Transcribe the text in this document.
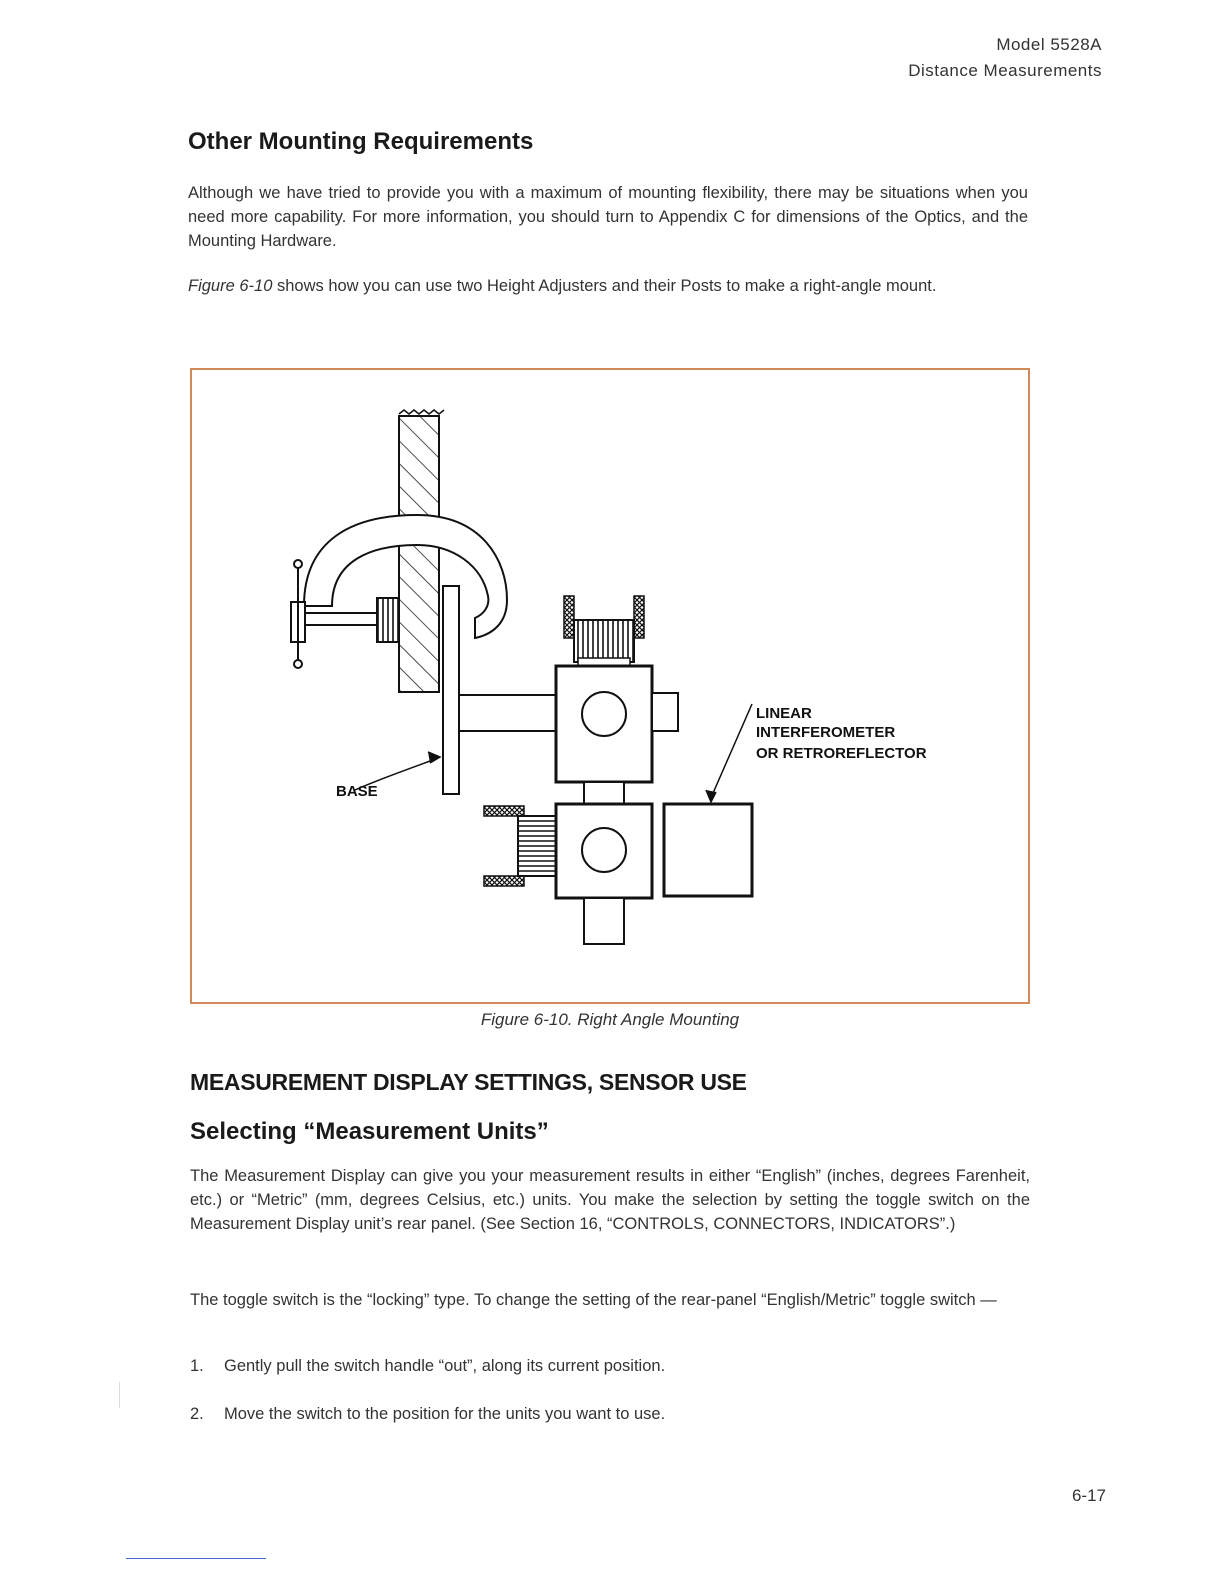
Model 5528A
Distance Measurements
Other Mounting Requirements

Although we have tried to provide you with a maximum of mounting flexibility, there may be situations when you need more capability. For more information, you should turn to Appendix C for dimensions of the Optics, and the Mounting Hardware.

Figure 6-10 shows how you can use two Height Adjusters and their Posts to make a right-angle mount.

LINEAR
INTERFEROMETER
OR RETROREFLECTOR
BASE
Figure 6-10. Right Angle Mounting
MEASUREMENT DISPLAY SETTINGS, SENSOR USE
Selecting “Measurement Units”

The Measurement Display can give you your measurement results in either “English” (inches, degrees Farenheit, etc.) or “Metric” (mm, degrees Celsius, etc.) units. You make the selection by setting the toggle switch on the Measurement Display unit’s rear panel. (See Section 16, “CONTROLS, CONNECTORS, INDICATORS”.)

The toggle switch is the “locking” type. To change the setting of the rear-panel “English/Metric” toggle switch —

1. Gently pull the switch handle “out”, along its current position.
2. Move the switch to the position for the units you want to use.
6-17
